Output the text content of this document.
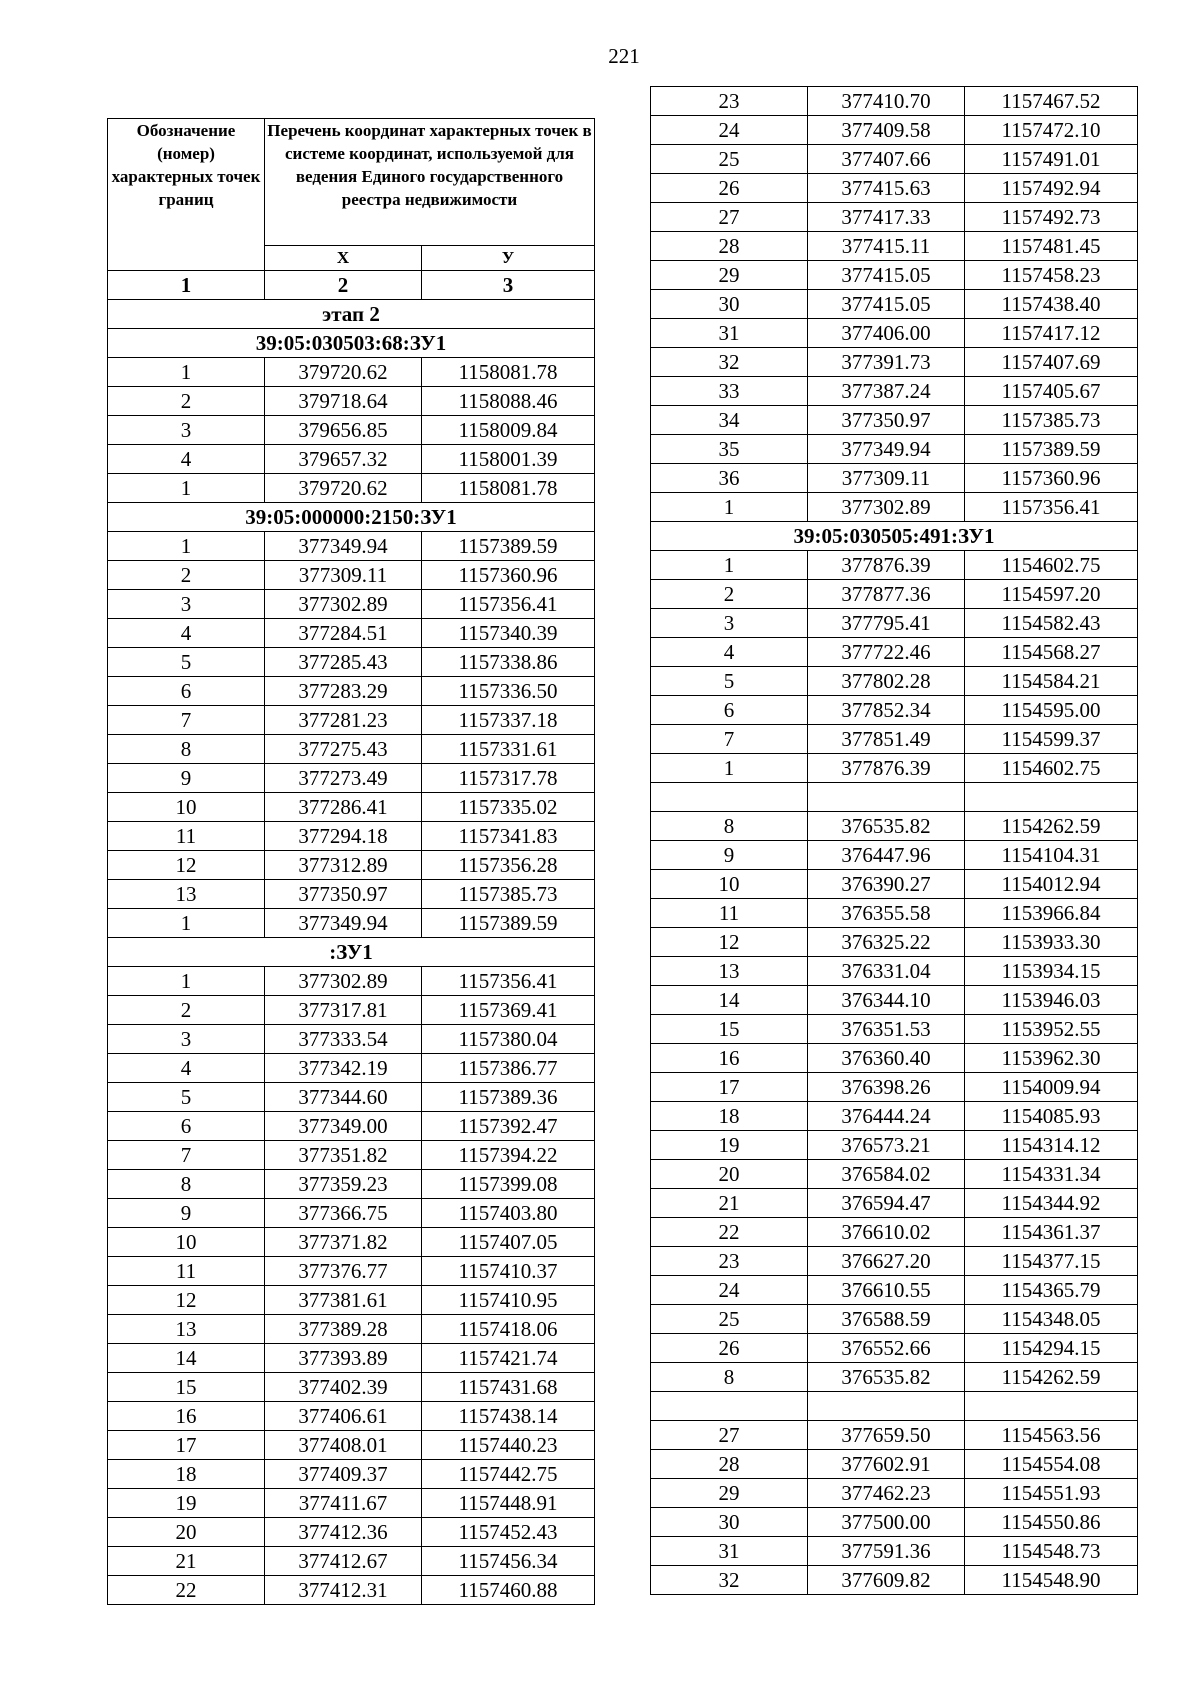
221
Обозначение (номер) характерных точек границ	Перечень координат характерных точек в системе координат, используемой для ведения Единого государственного реестра недвижимости	
	Х	У
1	2	3
этап 2		
39:05:030503:68:ЗУ1		
1	379720.62	1158081.78
2	379718.64	1158088.46
3	379656.85	1158009.84
4	379657.32	1158001.39
1	379720.62	1158081.78
39:05:000000:2150:ЗУ1		
1	377349.94	1157389.59
2	377309.11	1157360.96
3	377302.89	1157356.41
4	377284.51	1157340.39
5	377285.43	1157338.86
6	377283.29	1157336.50
7	377281.23	1157337.18
8	377275.43	1157331.61
9	377273.49	1157317.78
10	377286.41	1157335.02
11	377294.18	1157341.83
12	377312.89	1157356.28
13	377350.97	1157385.73
1	377349.94	1157389.59
:ЗУ1		
1	377302.89	1157356.41
2	377317.81	1157369.41
3	377333.54	1157380.04
4	377342.19	1157386.77
5	377344.60	1157389.36
6	377349.00	1157392.47
7	377351.82	1157394.22
8	377359.23	1157399.08
9	377366.75	1157403.80
10	377371.82	1157407.05
11	377376.77	1157410.37
12	377381.61	1157410.95
13	377389.28	1157418.06
14	377393.89	1157421.74
15	377402.39	1157431.68
16	377406.61	1157438.14
17	377408.01	1157440.23
18	377409.37	1157442.75
19	377411.67	1157448.91
20	377412.36	1157452.43
21	377412.67	1157456.34
22	377412.31	1157460.88
23	377410.70	1157467.52
24	377409.58	1157472.10
25	377407.66	1157491.01
26	377415.63	1157492.94
27	377417.33	1157492.73
28	377415.11	1157481.45
29	377415.05	1157458.23
30	377415.05	1157438.40
31	377406.00	1157417.12
32	377391.73	1157407.69
33	377387.24	1157405.67
34	377350.97	1157385.73
35	377349.94	1157389.59
36	377309.11	1157360.96
1	377302.89	1157356.41
39:05:030505:491:ЗУ1		
1	377876.39	1154602.75
2	377877.36	1154597.20
3	377795.41	1154582.43
4	377722.46	1154568.27
5	377802.28	1154584.21
6	377852.34	1154595.00
7	377851.49	1154599.37
1	377876.39	1154602.75

8	376535.82	1154262.59
9	376447.96	1154104.31
10	376390.27	1154012.94
11	376355.58	1153966.84
12	376325.22	1153933.30
13	376331.04	1153934.15
14	376344.10	1153946.03
15	376351.53	1153952.55
16	376360.40	1153962.30
17	376398.26	1154009.94
18	376444.24	1154085.93
19	376573.21	1154314.12
20	376584.02	1154331.34
21	376594.47	1154344.92
22	376610.02	1154361.37
23	376627.20	1154377.15
24	376610.55	1154365.79
25	376588.59	1154348.05
26	376552.66	1154294.15
8	376535.82	1154262.59

27	377659.50	1154563.56
28	377602.91	1154554.08
29	377462.23	1154551.93
30	377500.00	1154550.86
31	377591.36	1154548.73
32	377609.82	1154548.90
